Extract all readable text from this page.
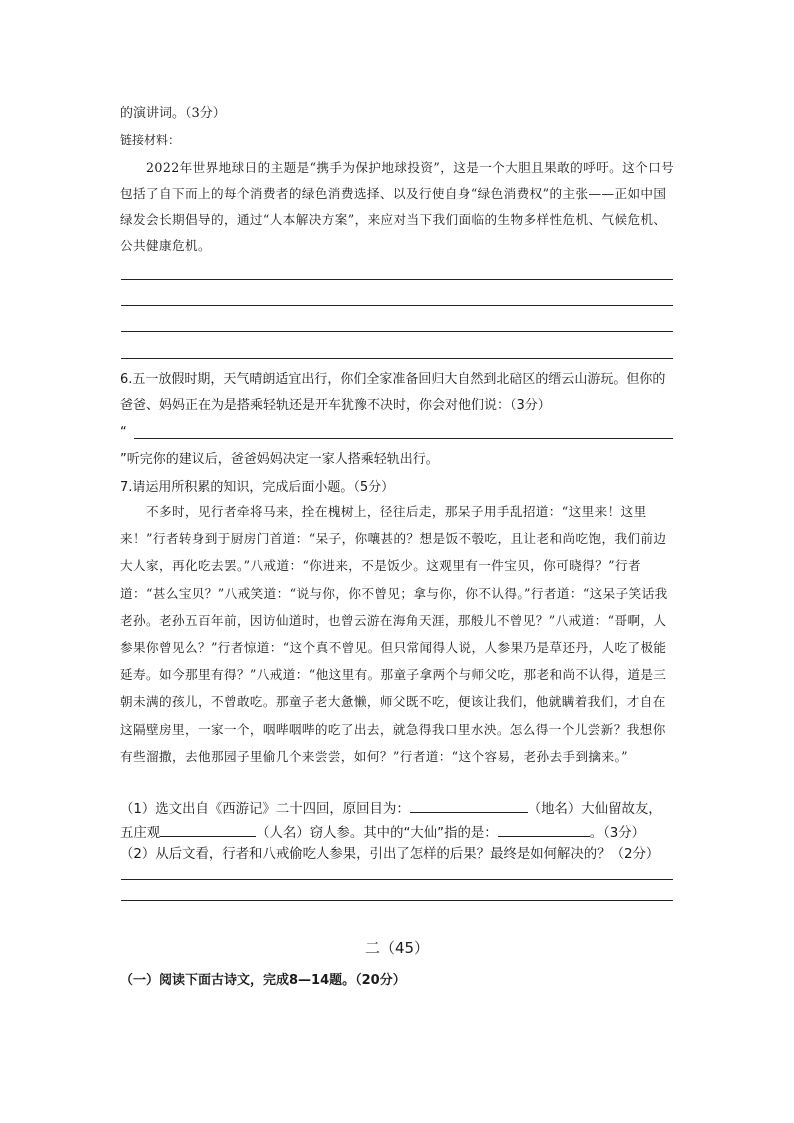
的演讲词。（3分）
链接材料：
2022年世界地球日的主题是“携手为保护地球投资”，这是一个大胆且果敢的呼吁。这个口号包括了自下而上的每个消费者的绿色消费选择、以及行使自身“绿色消费权”的主张——正如中国绿发会长期倡导的，通过“人本解决方案”，来应对当下我们面临的生物多样性危机、气候危机、公共健康危机。
6.五一放假时期，天气晴朗适宜出行，你们全家准备回归大自然到北碚区的缙云山游玩。但你的爸爸、妈妈正在为是搭乘轻轨还是开车犹豫不决时，你会对他们说：（3分）
“
”听完你的建议后，爸爸妈妈决定一家人搭乘轻轨出行。
7.请运用所积累的知识，完成后面小题。（5分）
不多时，见行者牵将马来，拴在槐树上，径往后走，那呆子用手乱招道：“这里来！这里来！”行者转身到于厨房门首道：“呆子，你嚷甚的？想是饭不彀吃，且让老和尚吃饱，我们前边大人家，再化吃去罢。”八戒道：“你进来，不是饭少。这观里有一件宝贝，你可晓得？”行者道：“甚么宝贝？”八戒笑道：“说与你，你不曾见；拿与你，你不认得。”行者道：“这呆子笑话我老孙。老孙五百年前，因访仙道时，也曾云游在海角天涯，那般儿不曾见？”八戒道：“哥啊，人参果你曾见么？”行者惊道：“这个真不曾见。但只常闻得人说，人参果乃是草还丹，人吃了极能延寿。如今那里有得？”八戒道：“他这里有。那童子拿两个与师父吃，那老和尚不认得，道是三朝未满的孩儿，不曾敢吃。那童子老大惫懒，师父既不吃，便该让我们，他就瞒着我们，才自在这隔壁房里，一家一个，咽哔咽哔的吃了出去，就急得我口里水泱。怎么得一个儿尝新？我想你有些溜撒，去他那园子里偷几个来尝尝，如何？”行者道：“这个容易，老孙去手到擒来。”
（1）选文出自《西游记》二十四回，原回目为：	（地名）大仙留故友，
五庄观	（人名）窃人参。其中的“大仙”指的是：	。（3分）
（2）从后文看，行者和八戒偷吃人参果，引出了怎样的后果？最终是如何解决的？（2分）
二（45）
（一）阅读下面古诗文，完成8—14题。（20分）
